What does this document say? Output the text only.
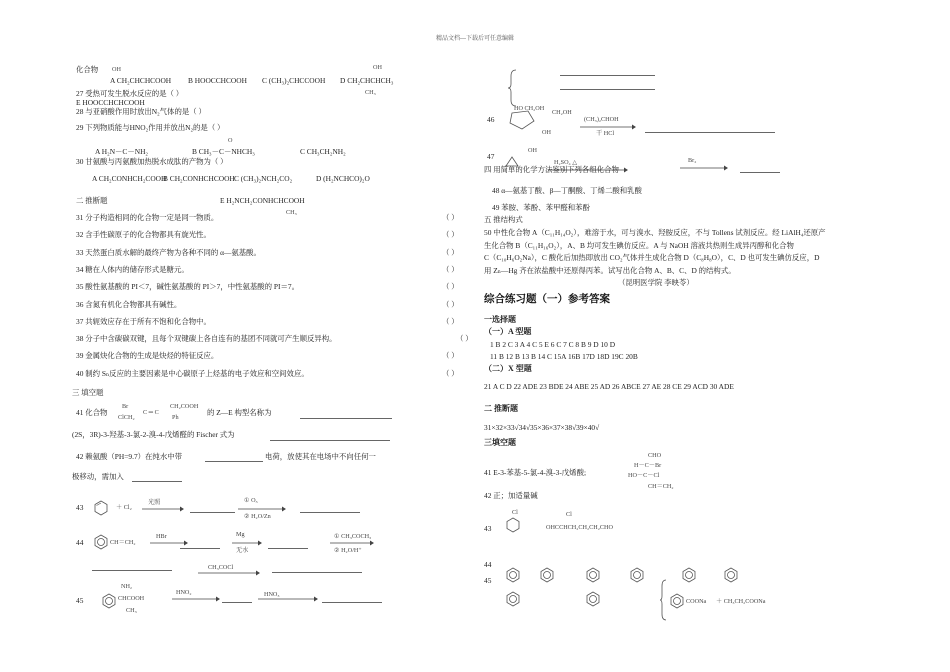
精品文档---下载后可任意编辑
化合物 OH	OH
A CH₂CHCHCOOH B HOOCCHCOOH C (CH₃)₂CHCCOOH D CH₂CHCHCH₃
CH₃
27 受热可发生脱水反应的是（ ）
E HOOCCHCHCOOH
28 与亚硝酸作用时放出N₂气体的是（ ）
29 下列物质能与HNO₂作用并放出N₂的是（ ）
O
A H₂N－C－NH₂	B CH₃－C－NHCH₃	C CH₃CH₂NH₂
30 甘氨酸与丙氨酸加热脱水成肽的产物为（ ）
A CH₂CONHCH₂COOH
B CH₂CONHCHCOOH C (CH₃)₂NCH₂CO₂	D (H₂NCHCO)₂O
二 推断题	E H₂NCH₂CONHCHCOOH
CH₃
31 分子构造相同的化合物一定是同一物质。	（ ）
32 含手性碳原子的化合物都具有旋光性。	（ ）
33 天然蛋白质水解的最终产物为各种不同的 α—氨基酸。	（ ）
34 糖在人体内的储存形式是糖元。	（ ）
35 酸性氨基酸的 PI＜7，碱性氨基酸的 PI＞7，中性氨基酸的 PI＝7。	（ ）
36 含氮有机化合物都具有碱性。	（ ）
37 共轭效应存在于所有不饱和化合物中。	（ ）
38 分子中含碳碳双键，且每个双键碳上各自连有的基团不同就可产生顺反异构。	（ ）
39 金属炔化合物的生成是炔烃的特征反应。	（ ）
40 制约 Sₙ反应的主要因素是中心碳原子上烃基的电子效应和空间效应。	（ ）
三 填空题
41 化合物
Br
ClCH₂
C ═ C
CH₂COOH
Ph
的 Z—E 构型名称为
(2S，3R)-3-羟基-3-氯-2-溴-4-戊烯醛的 Fischer 式为
42 赖氨酸（PH=9.7）在纯水中带	电荷，放使其在电场中不向任何一
极移动，需加入
43	＋ Cl₂
光照	① O₃
② H₂O/Zn
44	CH＝CH₂
HBr	Mg
无水
① CH₃COCH₃
② H₂O/H⁺
CH₃COCl
NH₂
45	CHCOOH
CH₃
HNO₂	HNO₃
46
HO CH₂OH
CH₂OH
OH
(CH₃)₂CHOH
干 HCl
47
OH
H₂SO₄ △	Br₂
四 用简单的化学方法鉴别下列各组化合物
48 α—氨基丁酸、β—丁酮酸、丁烯二酸和乳酸
49 苯胺、苯酚、苯甲醛和苯酚
五 推结构式
50 中性化合物 A（C₁₁H₁₄O₂），难溶于水，可与溴水、羟胺反应，不与 Tollens 试剂反应。经 LiAlH₄还原产
生化合物 B（C₁₁H₁₆O₂），A、B 均可发生碘仿反应。A 与 NaOH 溶液共热则生成异丙醇和化合物
C（C₁₀H₆O₂Na），C 酸化后加热即放出 CO₂气体并生成化合物 D（C₈H₈O），C、D 也可发生碘仿反应，D
用 Zₙ—Hg 齐在浓盐酸中还原得丙苯。试写出化合物 A、B、C、D 的结构式。
（昆明医学院 李映苓）
综合练习题（一）参考答案
一选择题
（一）A 型题
1 B 2 C 3 A 4 C 5 E 6 C 7 C 8 B 9 D 10 D
11 B 12 B 13 B 14 C 15A 16B 17D 18D 19C 20B
（二）X 型题
21 A C D 22 ADE 23 BDE 24 ABE 25 AD 26 ABCE 27 AE 28 CE 29 ACD 30 ADE
二 推断题
31×32×33√34√35×36×37×38√39×40√
三填空题
41 E-3-苯基-5-氯-4-溴-3-戊烯酸;
CHO
H－C－Br
HO－C－Cl
CH＝CH₂
42 正；加适量碱
43
Cl	Cl
OHCCHCH₂CH₂CH₂CHO
44
45
COONa ＋ CH₃CH₂COONa
